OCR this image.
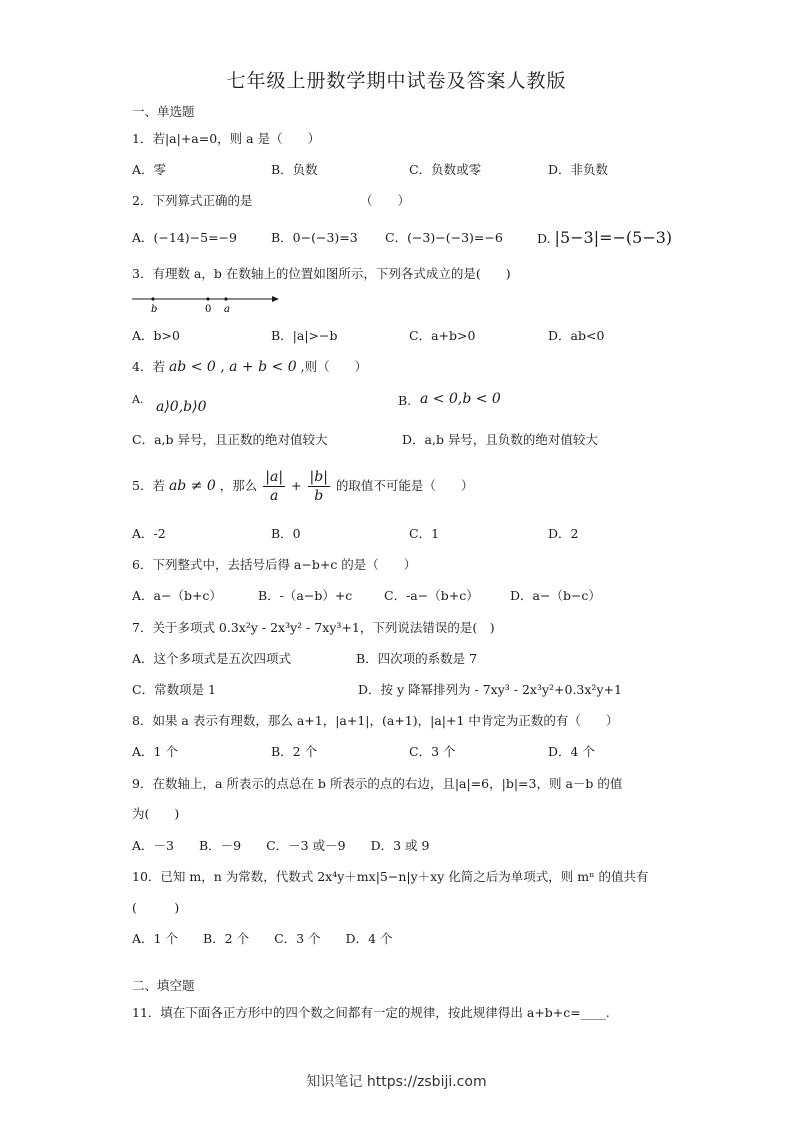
七年级上册数学期中试卷及答案人教版
一、单选题
1．若|a|+a=0，则 a 是（　　）
A．零	B．负数	C．负数或零	D．非负数
2．下列算式正确的是	（　　）
A．(−14)−5=−9	B．0−(−3)=3 C．(−3)−(−3)=−6	D. |5−3|=−(5−3)
3．有理数 a，b 在数轴上的位置如图所示，下列各式成立的是(　　)
b	0 a
A．b>0	B．|a|>−b	C．a+b>0	D．ab<0
4．若 ab < 0 , a + b < 0 ,则（　　）
A. a⟩0,b⟩0	B. a < 0,b < 0
C．a,b 异号，且正数的绝对值较大	D．a,b 异号，且负数的绝对值较大
5．若 ab ≠ 0 ，那么 $\frac{|a|}{a} + \frac{|b|}{b}$ 的取值不可能是（　　）
A．-2	B．0	C．1	D．2
6．下列整式中，去括号后得 a−b+c 的是（　　）
A．a−（b+c）	B．-（a−b）+c	C．-a−（b+c）	D．a−（b−c）
7．关于多项式 0.3x²y - 2x³y² - 7xy³+1，下列说法错误的是(　)
A．这个多项式是五次四项式	B．四次项的系数是 7
C．常数项是 1	D．按 y 降幂排列为 - 7xy³ - 2x³y²+0.3x²y+1
8．如果 a 表示有理数，那么 a+1，|a+1|，(a+1)，|a|+1 中肯定为正数的有（　　）
A．1 个	B．2 个	C．3 个	D．4 个
9．在数轴上，a 所表示的点总在 b 所表示的点的右边，且|a|=6，|b|=3，则 a－b 的值
为(　　)
A．－3　　B．－9　　C．－3 或－9　　D．3 或 9
10．已知 m，n 为常数，代数式 2x⁴y＋mx|5−n|y＋xy 化简之后为单项式，则 mⁿ 的值共有
(　　　)
A．1 个　　B．2 个　　C．3 个　　D．4 个
二、填空题
11．填在下面各正方形中的四个数之间都有一定的规律，按此规律得出 a+b+c=____.
知识笔记 https://zsbiji.com
